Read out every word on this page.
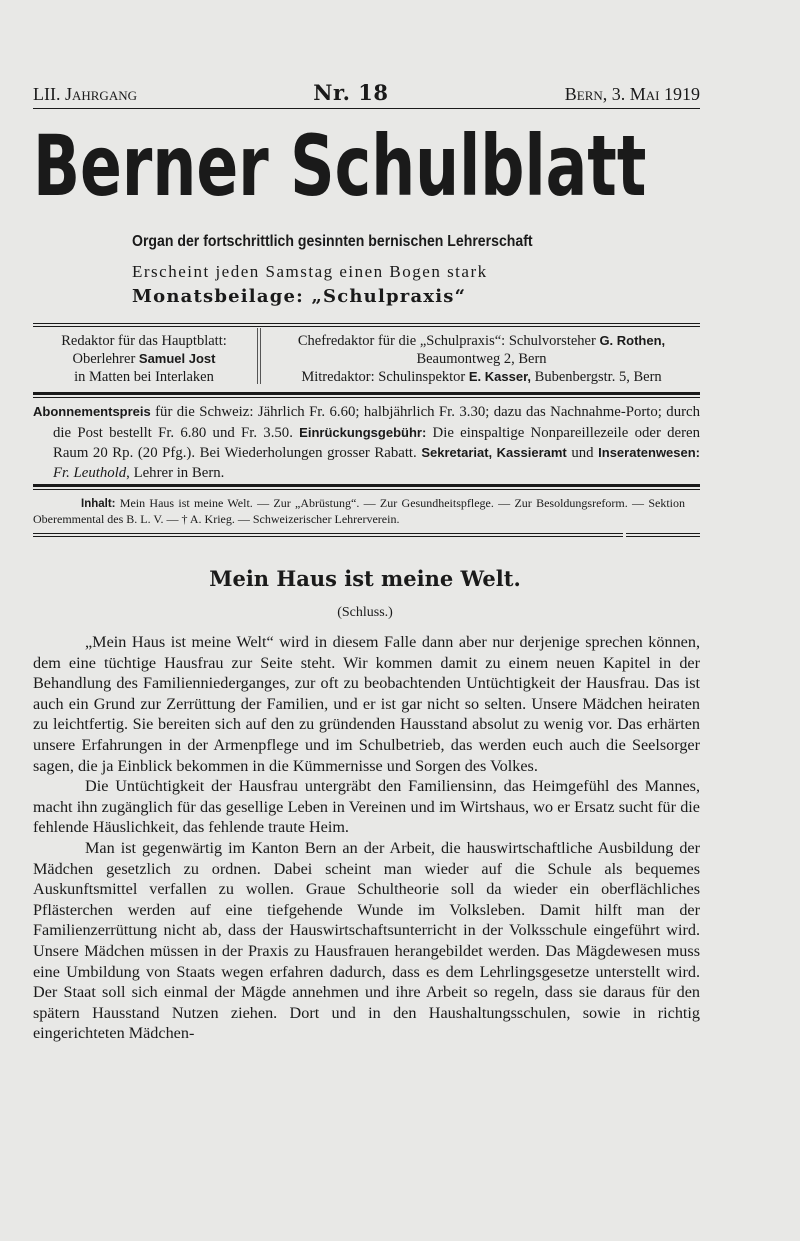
LII. Jahrgang	Nr. 18	Bern, 3. Mai 1919
Berner Schulblatt
Organ der fortschrittlich gesinnten bernischen Lehrerschaft
Erscheint jeden Samstag einen Bogen stark
Monatsbeilage: „Schulpraxis“
Redaktor für das Hauptblatt:
Oberlehrer Samuel Jost
in Matten bei Interlaken
Chefredaktor für die „Schulpraxis“: Schulvorsteher G. Rothen,
Beaumontweg 2, Bern
Mitredaktor: Schulinspektor E. Kasser, Bubenbergstr. 5, Bern

Abonnementspreis für die Schweiz: Jährlich Fr. 6.60; halbjährlich Fr. 3.30; dazu das Nachnahme-Porto; durch die Post bestellt Fr. 6.80 und Fr. 3.50. Einrückungsgebühr: Die einspaltige Nonpareillezeile oder deren Raum 20 Rp. (20 Pfg.). Bei Wiederholungen grosser Rabatt. Sekretariat, Kassieramt und Inseratenwesen: Fr. Leuthold, Lehrer in Bern.

Inhalt: Mein Haus ist meine Welt. — Zur „Abrüstung“. — Zur Gesundheitspflege. — Zur Besoldungsreform. — Sektion Oberemmental des B. L. V. — † A. Krieg. — Schweizerischer Lehrerverein.

Mein Haus ist meine Welt.
(Schluss.)

„Mein Haus ist meine Welt“ wird in diesem Falle dann aber nur derjenige sprechen können, dem eine tüchtige Hausfrau zur Seite steht. Wir kommen damit zu einem neuen Kapitel in der Behandlung des Familienniederganges, zur oft zu beobachtenden Untüchtigkeit der Hausfrau. Das ist auch ein Grund zur Zerrüttung der Familien, und er ist gar nicht so selten. Unsere Mädchen heiraten zu leichtfertig. Sie bereiten sich auf den zu gründenden Hausstand absolut zu wenig vor. Das erhärten unsere Erfahrungen in der Armenpflege und im Schulbetrieb, das werden euch auch die Seelsorger sagen, die ja Einblick bekommen in die Kümmernisse und Sorgen des Volkes.

Die Untüchtigkeit der Hausfrau untergräbt den Familiensinn, das Heimgefühl des Mannes, macht ihn zugänglich für das gesellige Leben in Vereinen und im Wirtshaus, wo er Ersatz sucht für die fehlende Häuslichkeit, das fehlende traute Heim.

Man ist gegenwärtig im Kanton Bern an der Arbeit, die hauswirtschaftliche Ausbildung der Mädchen gesetzlich zu ordnen. Dabei scheint man wieder auf die Schule als bequemes Auskunftsmittel verfallen zu wollen. Graue Schultheorie soll da wieder ein oberflächliches Pflästerchen werden auf eine tiefgehende Wunde im Volksleben. Damit hilft man der Familienzerrüttung nicht ab, dass der Hauswirtschaftsunterricht in der Volksschule eingeführt wird. Unsere Mädchen müssen in der Praxis zu Hausfrauen herangebildet werden. Das Mägdewesen muss eine Umbildung von Staats wegen erfahren dadurch, dass es dem Lehrlingsgesetze unterstellt wird. Der Staat soll sich einmal der Mägde annehmen und ihre Arbeit so regeln, dass sie daraus für den spätern Hausstand Nutzen ziehen. Dort und in den Haushaltungsschulen, sowie in richtig eingerichteten Mädchen-
